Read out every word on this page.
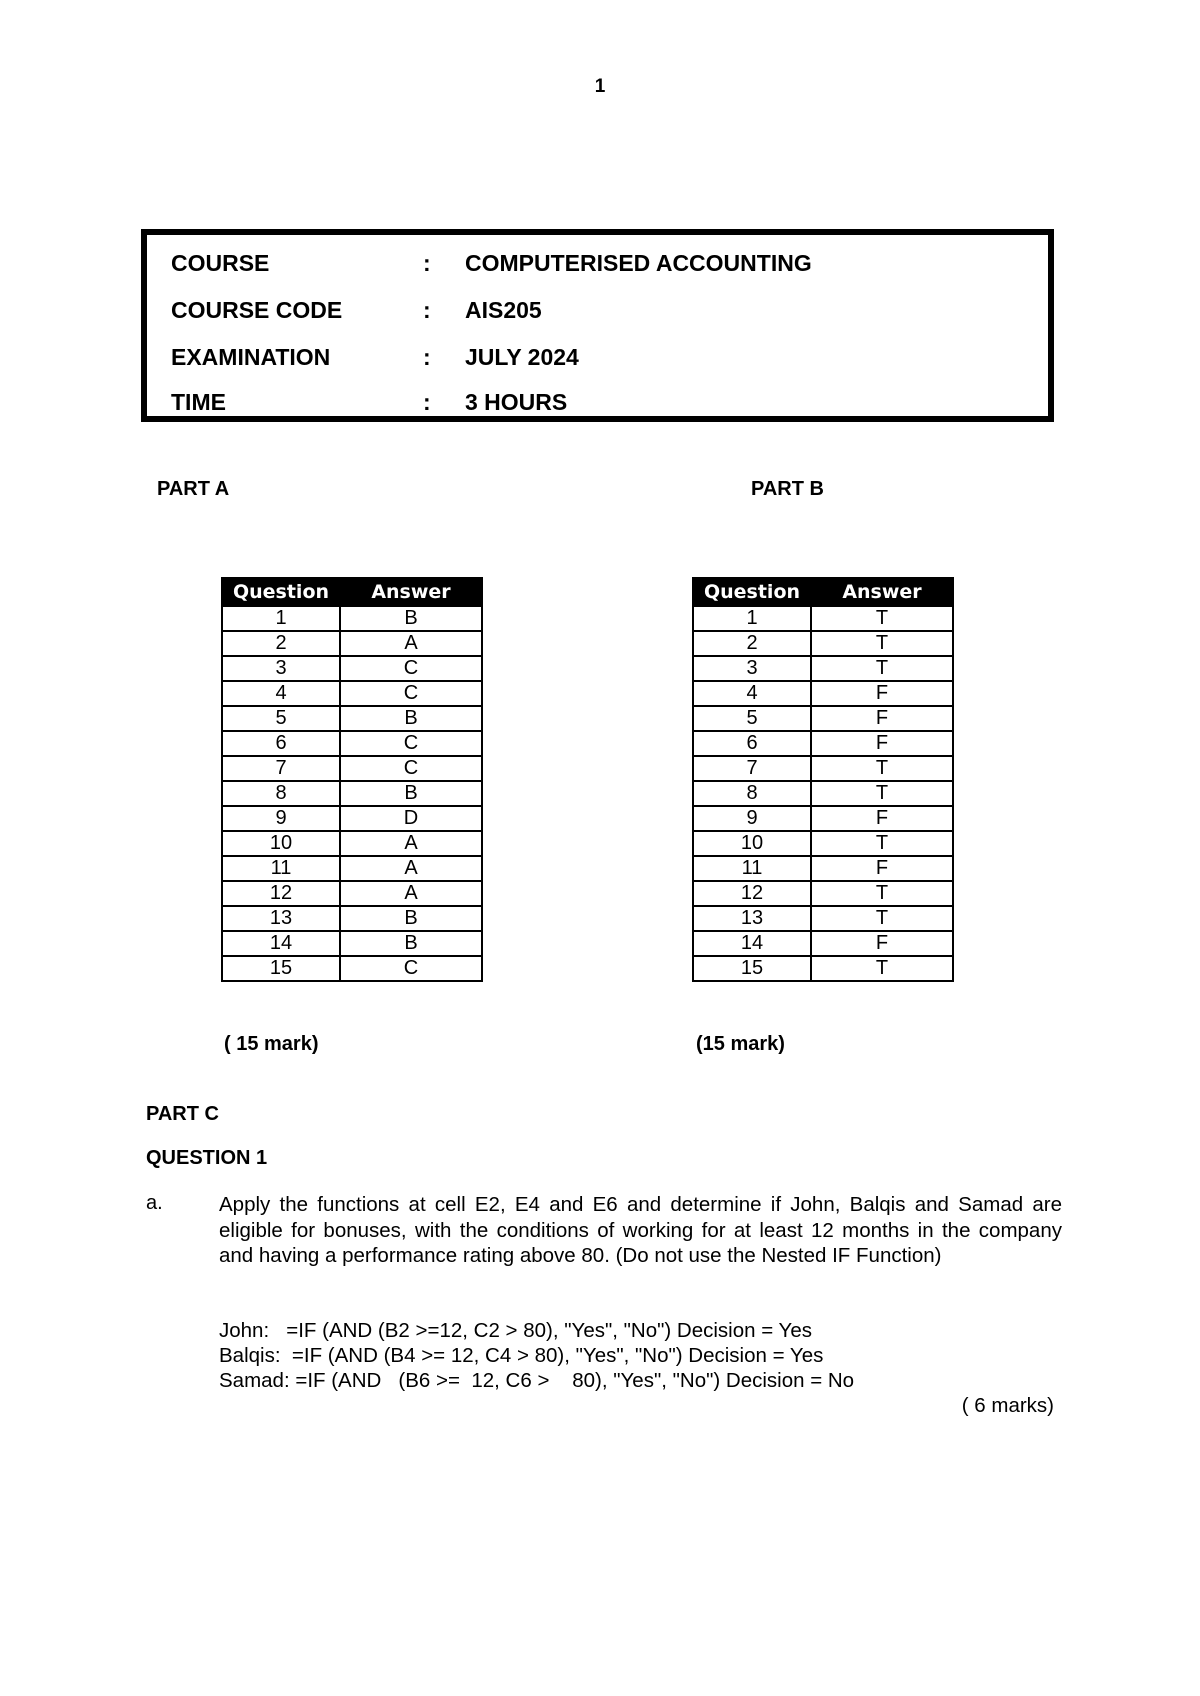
1
COURSE	: COMPUTERISED ACCOUNTING
COURSE CODE	: AIS205
EXAMINATION	: JULY 2024
TIME	: 3 HOURS
PART A	PART B
Question	Answer
1	B
2	A
3	C
4	C
5	B
6	C
7	C
8	B
9	D
10	A
11	A
12	A
13	B
14	B
15	C
Question	Answer
1	T
2	T
3	T
4	F
5	F
6	F
7	T
8	T
9	F
10	T
11	F
12	T
13	T
14	F
15	T
( 15 mark)	(15 mark)
PART C
QUESTION 1
a.	Apply the functions at cell E2, E4 and E6 and determine if John, Balqis and Samad are eligible for bonuses, with the conditions of working for at least 12 months in the company and having a performance rating above 80. (Do not use the Nested IF Function)
John:   =IF (AND (B2 >=12, C2 > 80), "Yes", "No") Decision = Yes
Balqis:  =IF (AND (B4 >= 12, C4 > 80), "Yes", "No") Decision = Yes
Samad: =IF (AND   (B6 >=  12, C6 >    80), "Yes", "No") Decision = No
( 6 marks)
